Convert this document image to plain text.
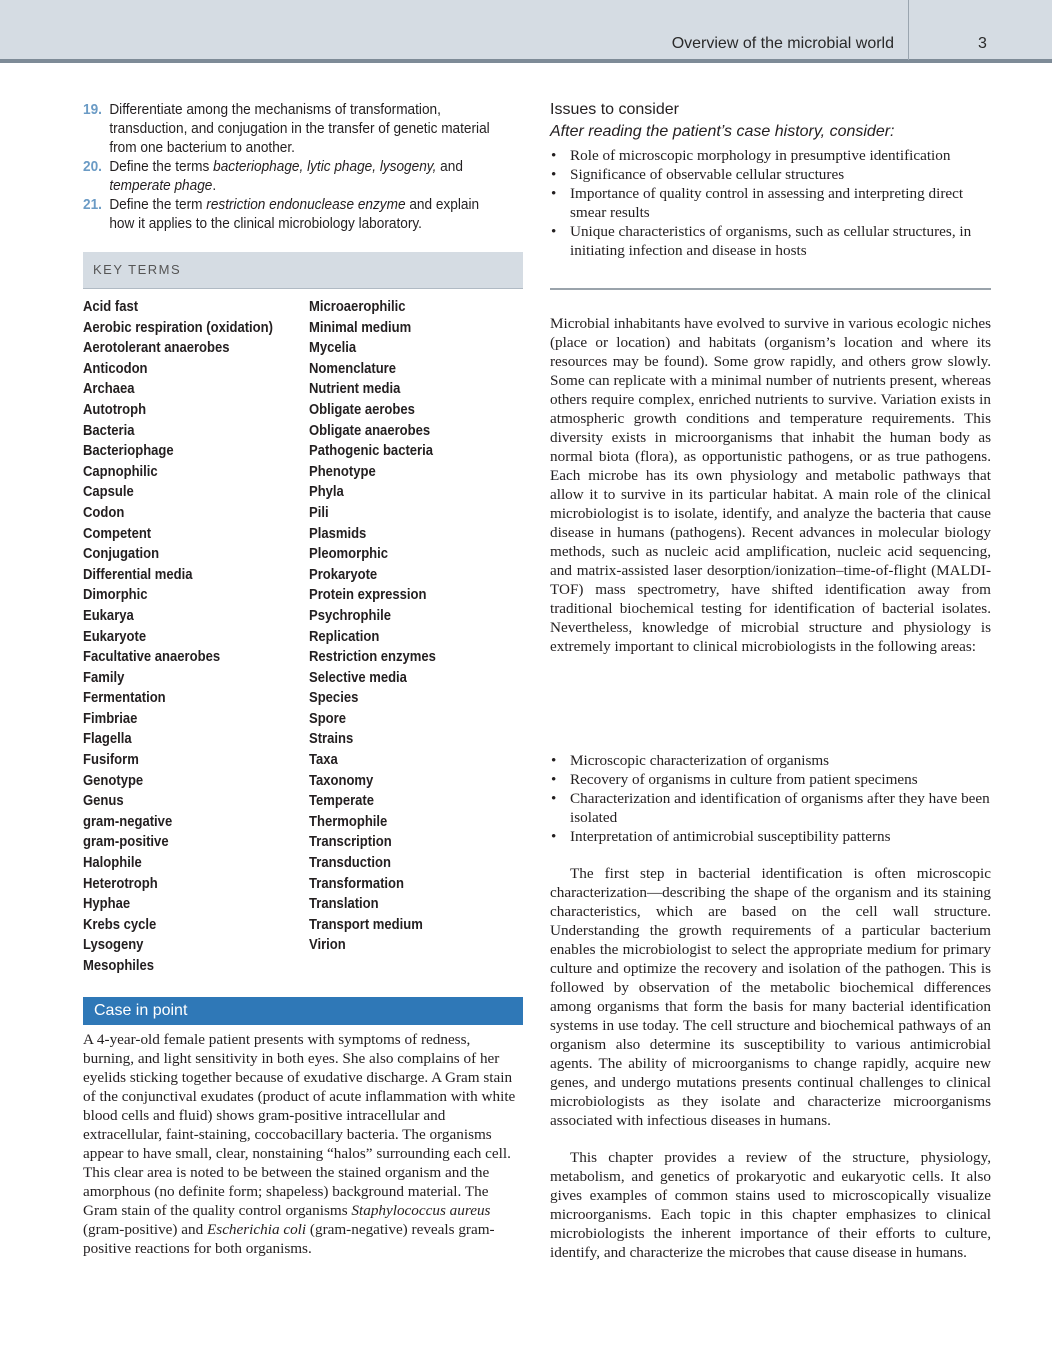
Overview of the microbial world	3
19. Differentiate among the mechanisms of transformation, transduction, and conjugation in the transfer of genetic material from one bacterium to another.
20. Define the terms bacteriophage, lytic phage, lysogeny, and temperate phage.
21. Define the term restriction endonuclease enzyme and explain how it applies to the clinical microbiology laboratory.
KEY TERMS
Acid fast
Aerobic respiration (oxidation)
Aerotolerant anaerobes
Anticodon
Archaea
Autotroph
Bacteria
Bacteriophage
Capnophilic
Capsule
Codon
Competent
Conjugation
Differential media
Dimorphic
Eukarya
Eukaryote
Facultative anaerobes
Family
Fermentation
Fimbriae
Flagella
Fusiform
Genotype
Genus
gram-negative
gram-positive
Halophile
Heterotroph
Hyphae
Krebs cycle
Lysogeny
Mesophiles
Microaerophilic
Minimal medium
Mycelia
Nomenclature
Nutrient media
Obligate aerobes
Obligate anaerobes
Pathogenic bacteria
Phenotype
Phyla
Pili
Plasmids
Pleomorphic
Prokaryote
Protein expression
Psychrophile
Replication
Restriction enzymes
Selective media
Species
Spore
Strains
Taxa
Taxonomy
Temperate
Thermophile
Transcription
Transduction
Transformation
Translation
Transport medium
Virion
Case in point

A 4-year-old female patient presents with symptoms of redness, burning, and light sensitivity in both eyes. She also complains of her eyelids sticking together because of exudative discharge. A Gram stain of the conjunctival exudates (product of acute inflammation with white blood cells and fluid) shows gram-positive intracellular and extracellular, faint-staining, coccobacillary bacteria. The organisms appear to have small, clear, nonstaining “halos” surrounding each cell. This clear area is noted to be between the stained organism and the amorphous (no definite form; shapeless) background material. The Gram stain of the quality control organisms Staphylococcus aureus (gram-positive) and Escherichia coli (gram-negative) reveals gram-positive reactions for both organisms.

Issues to consider
After reading the patient’s case history, consider:
• Role of microscopic morphology in presumptive identification
• Significance of observable cellular structures
• Importance of quality control in assessing and interpreting direct smear results
• Unique characteristics of organisms, such as cellular structures, in initiating infection and disease in hosts

Microbial inhabitants have evolved to survive in various ecologic niches (place or location) and habitats (organism’s location and where its resources may be found). Some grow rapidly, and others grow slowly. Some can replicate with a minimal number of nutrients present, whereas others require complex, enriched nutrients to survive. Variation exists in atmospheric growth conditions and temperature requirements. This diversity exists in microorganisms that inhabit the human body as normal biota (flora), as opportunistic pathogens, or as true pathogens. Each microbe has its own physiology and metabolic pathways that allow it to survive in its particular habitat. A main role of the clinical microbiologist is to isolate, identify, and analyze the bacteria that cause disease in humans (pathogens). Recent advances in molecular biology methods, such as nucleic acid amplification, nucleic acid sequencing, and matrix-assisted laser desorption/ionization–time-of-flight (MALDI-TOF) mass spectrometry, have shifted identification away from traditional biochemical testing for identification of bacterial isolates. Nevertheless, knowledge of microbial structure and physiology is extremely important to clinical microbiologists in the following areas:

• Microscopic characterization of organisms
• Recovery of organisms in culture from patient specimens
• Characterization and identification of organisms after they have been isolated
• Interpretation of antimicrobial susceptibility patterns

The first step in bacterial identification is often microscopic characterization—describing the shape of the organism and its staining characteristics, which are based on the cell wall structure. Understanding the growth requirements of a particular bacterium enables the microbiologist to select the appropriate medium for primary culture and optimize the recovery and isolation of the pathogen. This is followed by observation of the metabolic biochemical differences among organisms that form the basis for many bacterial identification systems in use today. The cell structure and biochemical pathways of an organism also determine its susceptibility to various antimicrobial agents. The ability of microorganisms to change rapidly, acquire new genes, and undergo mutations presents continual challenges to clinical microbiologists as they isolate and characterize microorganisms associated with infectious diseases in humans.

This chapter provides a review of the structure, physiology, metabolism, and genetics of prokaryotic and eukaryotic cells. It also gives examples of common stains used to microscopically visualize microorganisms. Each topic in this chapter emphasizes to clinical microbiologists the inherent importance of their efforts to culture, identify, and characterize the microbes that cause disease in humans.
